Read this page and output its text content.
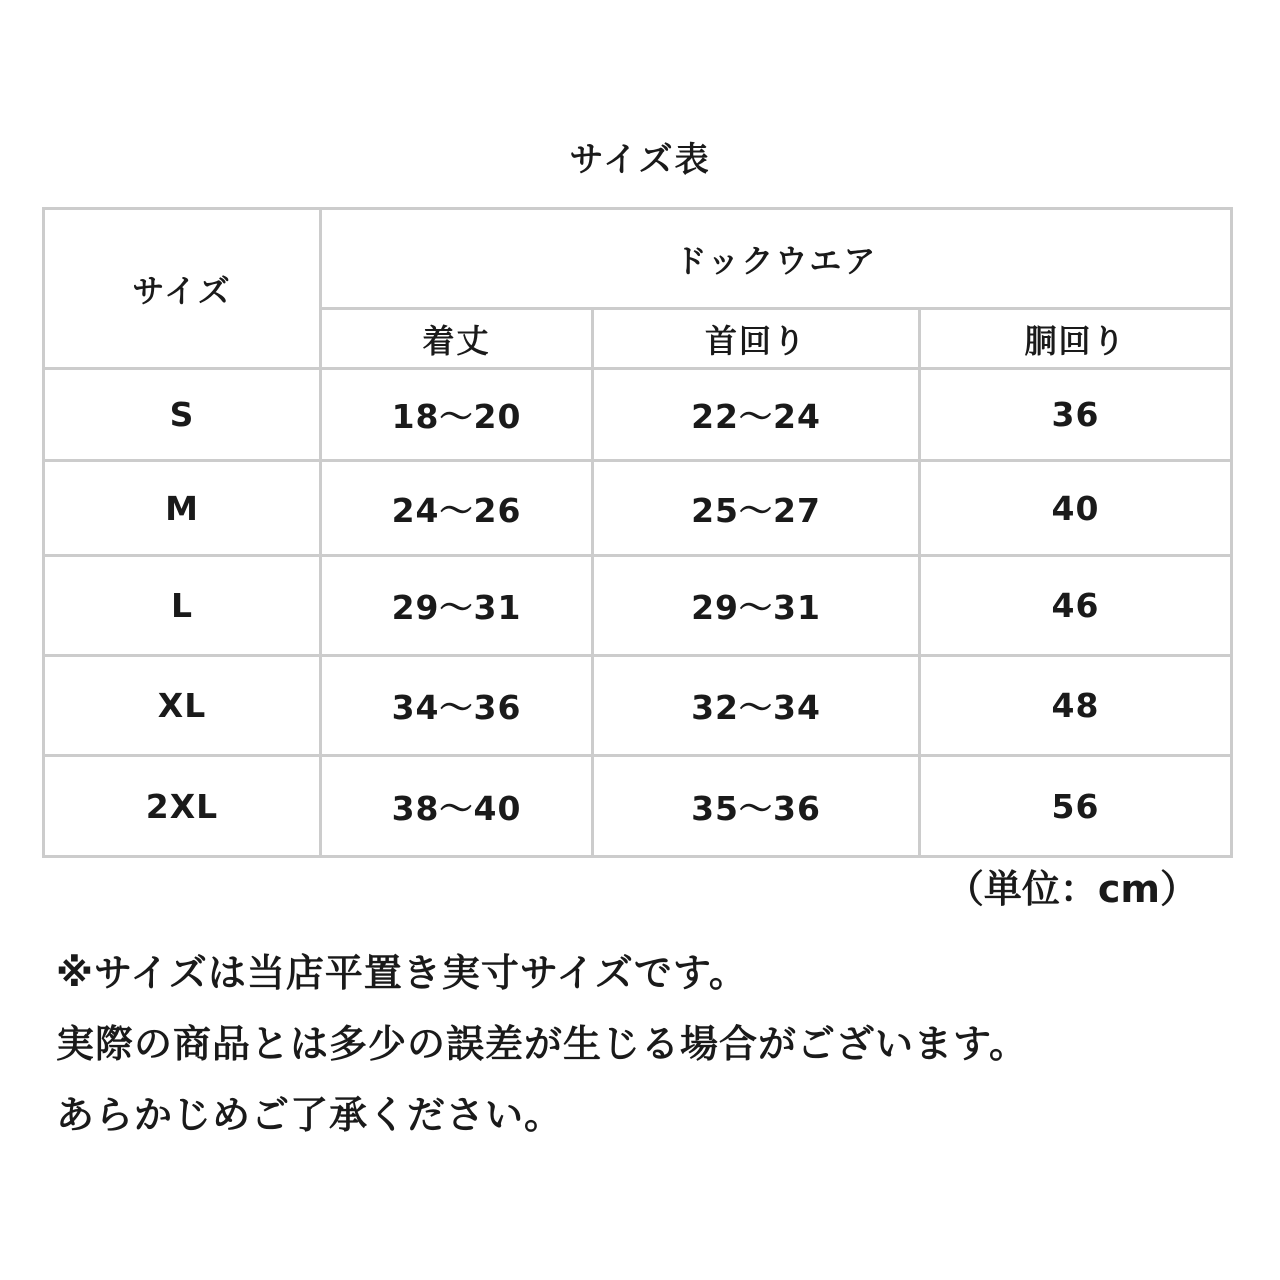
サイズ表
サイズ	ドックウエア		
	着丈	首回り	胴回り
S	18～20	22～24	36
M	24～26	25～27	40
L	29～31	29～31	46
XL	34～36	32～34	48
2XL	38～40	35～36	56
（単位：cm）

※サイズは当店平置き実寸サイズです。

実際の商品とは多少の誤差が生じる場合がございます。

あらかじめご了承ください。
